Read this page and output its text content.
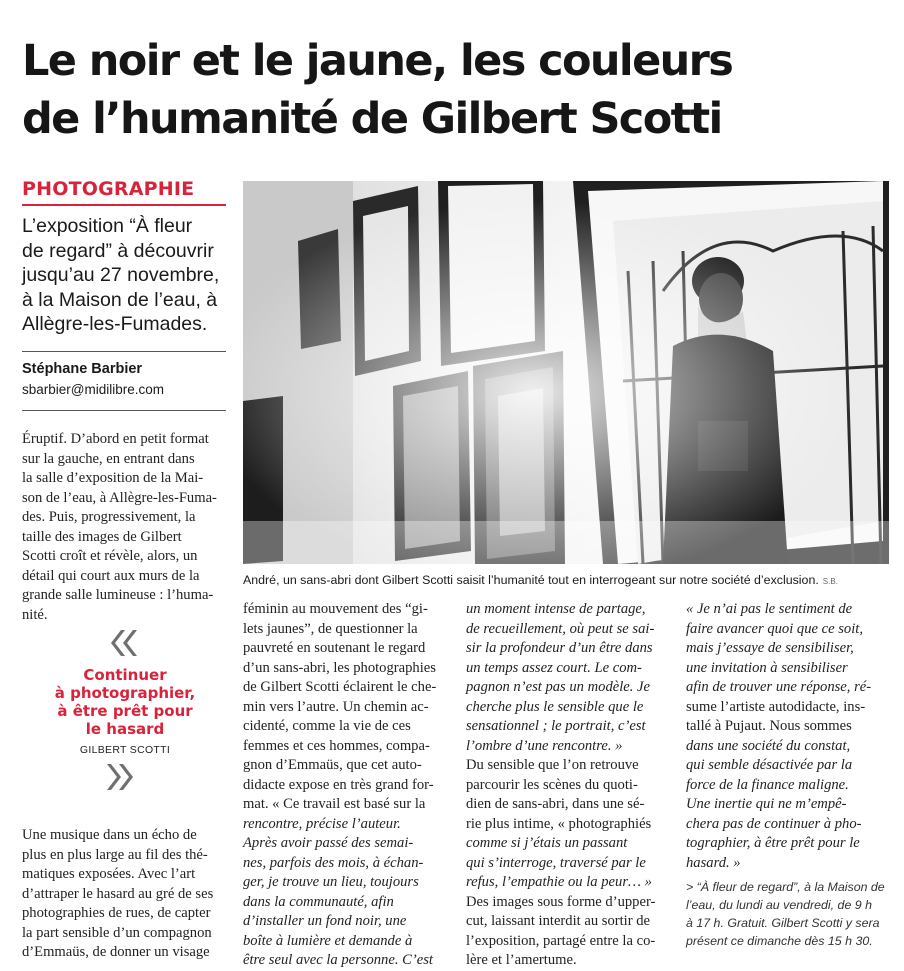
Le noir et le jaune, les couleurs
de l’humanité de Gilbert Scotti
PHOTOGRAPHIE
L’exposition “À fleur
de regard” à découvrir
jusqu’au 27 novembre,
à la Maison de l’eau, à
Allègre-les-Fumades.
Stéphane Barbier
sbarbier@midilibre.com
Éruptif. D’abord en petit format
sur la gauche, en entrant dans
la salle d’exposition de la Mai-
son de l’eau, à Allègre-les-Fuma-
des. Puis, progressivement, la
taille des images de Gilbert
Scotti croît et révèle, alors, un
détail qui court aux murs de la
grande salle lumineuse : l’huma-
nité.
Continuer
à photographier,
à être prêt pour
le hasard
GILBERT SCOTTI
Une musique dans un écho de
plus en plus large au fil des thé-
matiques exposées. Avec l’art
d’attraper le hasard au gré de ses
photographies de rues, de capter
la part sensible d’un compagnon
d’Emmaüs, de donner un visage
André, un sans-abri dont Gilbert Scotti saisit l’humanité tout en interrogeant sur notre société d’exclusion. S.B.
féminin au mouvement des “gi-
lets jaunes”, de questionner la
pauvreté en soutenant le regard
d’un sans-abri, les photographies
de Gilbert Scotti éclairent le che-
min vers l’autre. Un chemin ac-
cidenté, comme la vie de ces
femmes et ces hommes, compa-
gnon d’Emmaüs, que cet auto-
didacte expose en très grand for-
mat. « Ce travail est basé sur la
rencontre, précise l’auteur.
Après avoir passé des semai-
nes, parfois des mois, à échan-
ger, je trouve un lieu, toujours
dans la communauté, afin
d’installer un fond noir, une
boîte à lumière et demande à
être seul avec la personne. C’est
un moment intense de partage,
de recueillement, où peut se sai-
sir la profondeur d’un être dans
un temps assez court. Le com-
pagnon n’est pas un modèle. Je
cherche plus le sensible que le
sensationnel ; le portrait, c’est
l’ombre d’une rencontre. »
Du sensible que l’on retrouve
parcourir les scènes du quoti-
dien de sans-abri, dans une sé-
rie plus intime, « photographiés
comme si j’étais un passant
qui s’interroge, traversé par le
refus, l’empathie ou la peur… »
Des images sous forme d’upper-
cut, laissant interdit au sortir de
l’exposition, partagé entre la co-
lère et l’amertume.
« Je n’ai pas le sentiment de
faire avancer quoi que ce soit,
mais j’essaye de sensibiliser,
une invitation à sensibiliser
afin de trouver une réponse, ré-
sume l’artiste autodidacte, ins-
tallé à Pujaut. Nous sommes
dans une société du constat,
qui semble désactivée par la
force de la finance maligne.
Une inertie qui ne m’empê-
chera pas de continuer à pho-
tographier, à être prêt pour le
hasard. »
> “À fleur de regard”, à la Maison de
l’eau, du lundi au vendredi, de 9 h
à 17 h. Gratuit. Gilbert Scotti y sera
présent ce dimanche dès 15 h 30.
